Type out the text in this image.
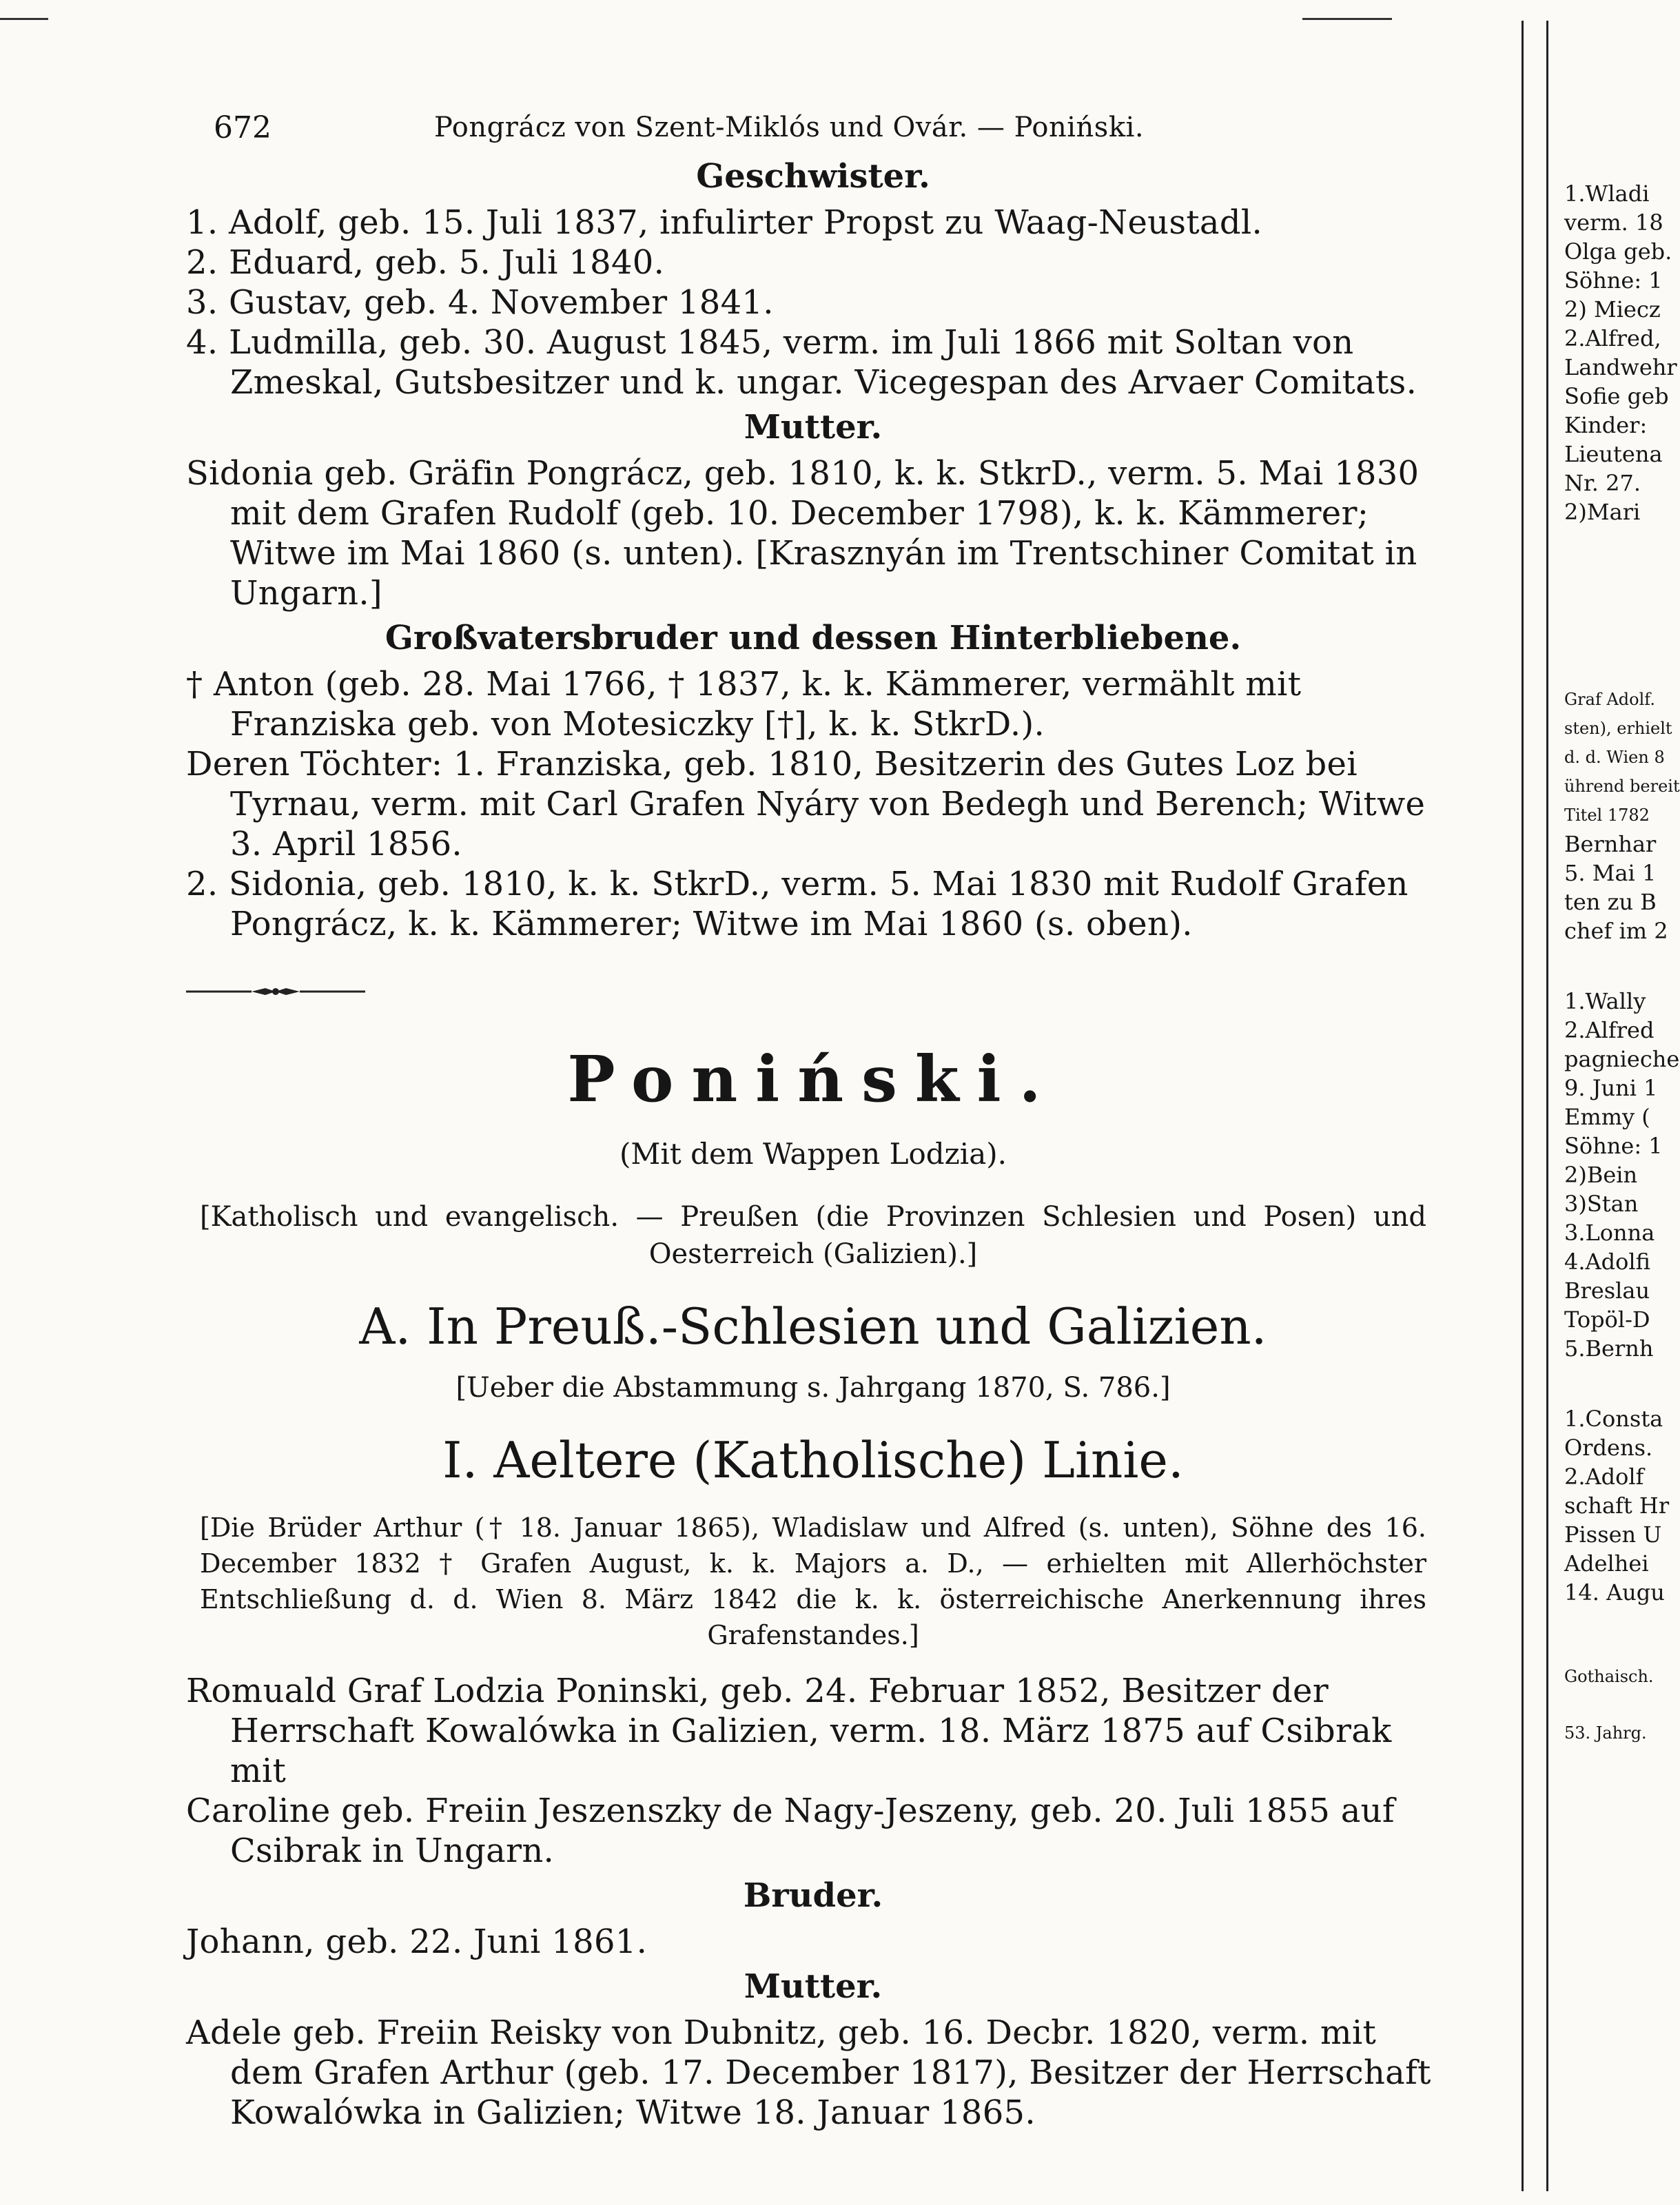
672	Pongrácz von Szent-Miklós und Ovár. — Poniński.
Geschwister.

1. Adolf, geb. 15. Juli 1837, infulirter Propst zu Waag-Neustadl.

2. Eduard, geb. 5. Juli 1840.

3. Gustav, geb. 4. November 1841.

4. Ludmilla, geb. 30. August 1845, verm. im Juli 1866 mit Soltan von Zmeskal, Gutsbesitzer und k. ungar. Vicegespan des Arvaer Comitats.

Mutter.

Sidonia geb. Gräfin Pongrácz, geb. 1810, k. k. StkrD., verm. 5. Mai 1830 mit dem Grafen Rudolf (geb. 10. December 1798), k. k. Kämmerer; Witwe im Mai 1860 (s. unten). [Krasznyán im Trentschiner Comitat in Ungarn.]

Großvatersbruder und dessen Hinterbliebene.

† Anton (geb. 28. Mai 1766, † 1837, k. k. Kämmerer, vermählt mit Franziska geb. von Motesiczky [†], k. k. StkrD.).

Deren Töchter: 1. Franziska, geb. 1810, Besitzerin des Gutes Loz bei Tyrnau, verm. mit Carl Grafen Nyáry von Bedegh und Berench; Witwe 3. April 1856.

2. Sidonia, geb. 1810, k. k. StkrD., verm. 5. Mai 1830 mit Rudolf Grafen Pongrácz, k. k. Kämmerer; Witwe im Mai 1860 (s. oben).

Poniński.
(Mit dem Wappen Lodzia).

[Katholisch und evangelisch. — Preußen (die Provinzen Schlesien und Posen) und Oesterreich (Galizien).]

A. In Preuß.-Schlesien und Galizien.
[Ueber die Abstammung s. Jahrgang 1870, S. 786.]
I. Aeltere (Katholische) Linie.

[Die Brüder Arthur († 18. Januar 1865), Wladislaw und Alfred (s. unten), Söhne des 16. December 1832 † Grafen August, k. k. Majors a. D., — erhielten mit Allerhöchster Entschließung d. d. Wien 8. März 1842 die k. k. österreichische Anerkennung ihres Grafenstandes.]

Romuald Graf Lodzia Poninski, geb. 24. Februar 1852, Besitzer der Herrschaft Kowalówka in Galizien, verm. 18. März 1875 auf Csibrak mit

Caroline geb. Freiin Jeszenszky de Nagy-Jeszeny, geb. 20. Juli 1855 auf Csibrak in Ungarn.

Bruder.

Johann, geb. 22. Juni 1861.

Mutter.

Adele geb. Freiin Reisky von Dubnitz, geb. 16. Decbr. 1820, verm. mit dem Grafen Arthur (geb. 17. December 1817), Besitzer der Herrschaft Kowalówka in Galizien; Witwe 18. Januar 1865.

1.Wladi
verm. 18
Olga geb.
Söhne: 1
2) Miecz
2.Alfred,
Landwehr
Sofie geb
Kinder:
Lieutena
Nr. 27.
2)Mari
Graf Adolf.
sten), erhielt
d. d. Wien 8
ührend bereit
Titel 1782
Bernhar
5. Mai 1
ten zu B
chef im 2
1.Wally
2.Alfred
pagnieche
9. Juni 1
Emmy (
Söhne: 1
2)Bein
3)Stan
3.Lonna
4.Adolfi
Breslau
Topöl-D
5.Bernh
1.Consta
Ordens.
2.Adolf
schaft Hr
Pissen U
Adelhei
14. Augu
Gothaisch.
53. Jahrg.
